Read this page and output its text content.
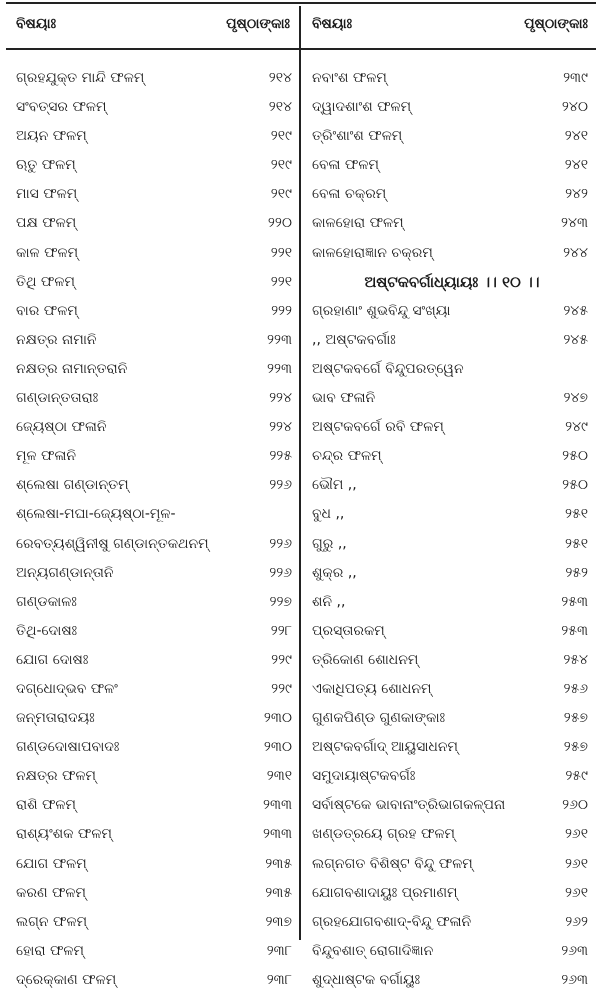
ବିଷୟାଃ	ପୃଷ୍ଠାଙ୍କାଃ
ଗ୍ରହଯୁକ୍ତ ମାନ୍ଦି ଫଳମ୍	୨୧୪
ସଂବତ୍ସର ଫଳମ୍	୨୧୪
ଅୟନ ଫଳମ୍	୨୧୯
ଋତୁ ଫଳମ୍	୨୧୯
ମାସ ଫଳମ୍	୨୧୯
ପକ୍ଷ ଫଳମ୍	୨୨୦
କାଳ ଫଳମ୍	୨୨୧
ତିଥି ଫଳମ୍	୨୨୧
ବାର ଫଳମ୍	୨୨୨
ନକ୍ଷତ୍ର ନାମାନି	୨୨୩
ନକ୍ଷତ୍ର ନାମାନ୍ତରାନି	୨୨୩
ଗଣ୍ଡାନ୍ତତାରାଃ	୨୨୪
ଜ୍ୟେଷ୍ଠା ଫଳାନି	୨୨୪
ମୂଳ ଫଳାନି	୨୨୫
ଶ୍ଲେଷା ଗଣ୍ଡାନ୍ତମ୍	୨୨୬
ଶ୍ଲେଷା-ମଘା-ଜ୍ୟେଷ୍ଠା-ମୂଳ-
ରେବତ୍ୟଶ୍ୱିନୀଷୁ ଗଣ୍ଡାନ୍ତକଥନମ୍	୨୨୬
ଅନ୍ୟଗଣ୍ଡାନ୍ତାନି	୨୨୬
ଗଣ୍ଡକାଳଃ	୨୨୭
ତିଥି-ଦୋଷଃ	୨୨୮
ଯୋଗ ଦୋଷଃ	୨୨୯
ଦଗ୍ଧୋଦ୍ଭବ ଫଳଂ	୨୨୯
ଜନ୍ମତାରାଦୟଃ	୨୩୦
ଗଣ୍ଡଦୋଷାପବାଦଃ	୨୩୦
ନକ୍ଷତ୍ର ଫଳମ୍	୨୩୧
ରାଶି ଫଳମ୍	୨୩୩
ରାଶ୍ୟଂଶକ ଫଳମ୍	୨୩୩
ଯୋଗ ଫଳମ୍	୨୩୫
କରଣ ଫଳମ୍	୨୩୫
ଲଗ୍ନ ଫଳମ୍	୨୩୭
ହୋରା ଫଳମ୍	୨୩୮
ଦ୍ରେକ୍କାଣ ଫଳମ୍	୨୩୮
ବିଷୟାଃ	ପୃଷ୍ଠାଙ୍କାଃ
ନବାଂଶ ଫଳମ୍	୨୩୯
ଦ୍ୱାଦଶାଂଶ ଫଳମ୍	୨୪୦
ତ୍ରିଂଶାଂଶ ଫଳମ୍	୨୪୧
ବେଳା ଫଳମ୍	୨୪୧
ବେଳା ଚକ୍ରମ୍	୨୪୨
କାଳହୋରା ଫଳମ୍	୨୪୩
କାଳହୋରାଜ୍ଞାନ ଚକ୍ରମ୍	୨୪୪
ଅଷ୍ଟକବର୍ଗାଧ୍ୟାୟଃ ।। ୧୦ ।।
ଗ୍ରହାଣାଂ ଶୁଭବିନ୍ଦୁ ସଂଖ୍ୟା	୨୪୫
,, ଅଷ୍ଟକବର୍ଗାଃ	୨୪୫
ଅଷ୍ଟକବର୍ଗେ ବିନ୍ଦୁପରତ୍ୱେନ
ଭାବ ଫଳାନି	୨୪୭
ଅଷ୍ଟକବର୍ଗେ ରବି ଫଳମ୍	୨୪୯
ଚନ୍ଦ୍ର ଫଳମ୍	୨୫୦
ଭୌମ ,,	୨୫୦
ବୁଧ ,,	୨୫୧
ଗୁରୁ ,,	୨୫୧
ଶୁକ୍ର ,,	୨୫୨
ଶନି ,,	୨୫୩
ପ୍ରସ୍ତାରକମ୍	୨୫୩
ତ୍ରିକୋଣ ଶୋଧନମ୍	୨୫୪
ଏକାଧିପତ୍ୟ ଶୋଧନମ୍	୨୫୬
ଗୁଣକପିଣ୍ଡ ଗୁଣକାଙ୍କାଃ	୨୫୭
ଅଷ୍ଟକବର୍ଗାଦ୍ ଆୟୁସାଧନମ୍	୨୫୭
ସମୁଦାୟାଷ୍ଟକବର୍ଗଃ	୨୫୯
ସର୍ବାଷ୍ଟକେ ଭାବାନାଂତ୍ରିଭାଗକଳ୍ପନା	୨୬୦
ଖଣ୍ଡତ୍ରୟେ ଗ୍ରହ ଫଳମ୍	୨୬୧
ଲଗ୍ନଗତ ବିଶିଷ୍ଟ ବିନ୍ଦୁ ଫଳମ୍	୨୬୧
ଯୋଗବଶାଦାୟୁଃ ପ୍ରମାଣମ୍	୨୬୧
ଗ୍ରହଯୋଗବଶାଦ୍-ବିନ୍ଦୁ ଫଳାନି	୨୬୨
ବିନ୍ଦୁବଶାତ୍ ରୋଗାଦିଜ୍ଞାନ	୨୬୩
ଶୁଦ୍ଧାଷ୍ଟକ ବର୍ଗାୟୁଃ	୨୬୩
